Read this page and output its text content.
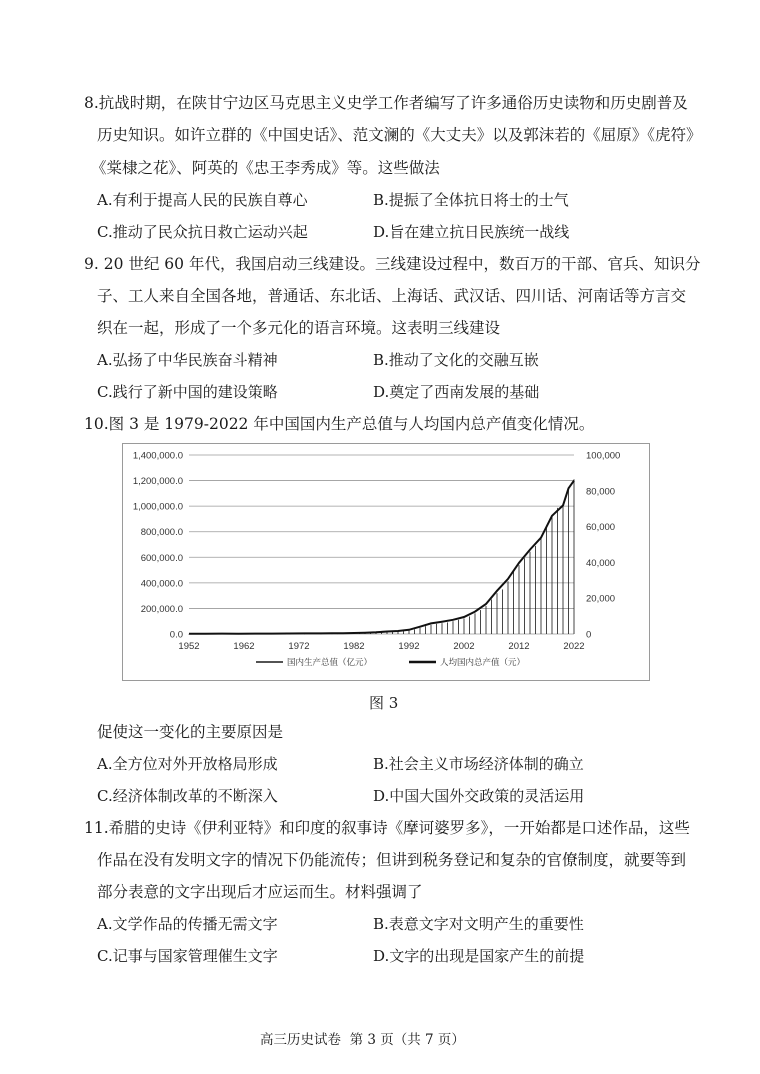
8.抗战时期，在陕甘宁边区马克思主义史学工作者编写了许多通俗历史读物和历史剧普及
历史知识。如许立群的《中国史话》、范文澜的《大丈夫》以及郭沫若的《屈原》《虎符》
《棠棣之花》、阿英的《忠王李秀成》等。这些做法
A.有利于提高人民的民族自尊心	B.提振了全体抗日将士的士气
C.推动了民众抗日救亡运动兴起	D.旨在建立抗日民族统一战线
9. 20 世纪 60 年代，我国启动三线建设。三线建设过程中，数百万的干部、官兵、知识分
子、工人来自全国各地，普通话、东北话、上海话、武汉话、四川话、河南话等方言交
织在一起，形成了一个多元化的语言环境。这表明三线建设
A.弘扬了中华民族奋斗精神	B.推动了文化的交融互嵌
C.践行了新中国的建设策略	D.奠定了西南发展的基础
10.图 3 是 1979-2022 年中国国内生产总值与人均国内总产值变化情况。
0.0
200,000.0
400,000.0
600,000.0
800,000.0
1,000,000.0
1,200,000.0
1,400,000.0
0
20,000
40,000
60,000
80,000
100,000
1952	1962	1972	1982	1992	2002	2012	2022
国内生产总值（亿元）	人均国内总产值（元）
图 3
促使这一变化的主要原因是
A.全方位对外开放格局形成	B.社会主义市场经济体制的确立
C.经济体制改革的不断深入	D.中国大国外交政策的灵活运用
11.希腊的史诗《伊利亚特》和印度的叙事诗《摩诃婆罗多》，一开始都是口述作品，这些
作品在没有发明文字的情况下仍能流传；但讲到税务登记和复杂的官僚制度，就要等到
部分表意的文字出现后才应运而生。材料强调了
A.文学作品的传播无需文字	B.表意文字对文明产生的重要性
C.记事与国家管理催生文字	D.文字的出现是国家产生的前提
高三历史试卷  第 3 页（共 7 页）
